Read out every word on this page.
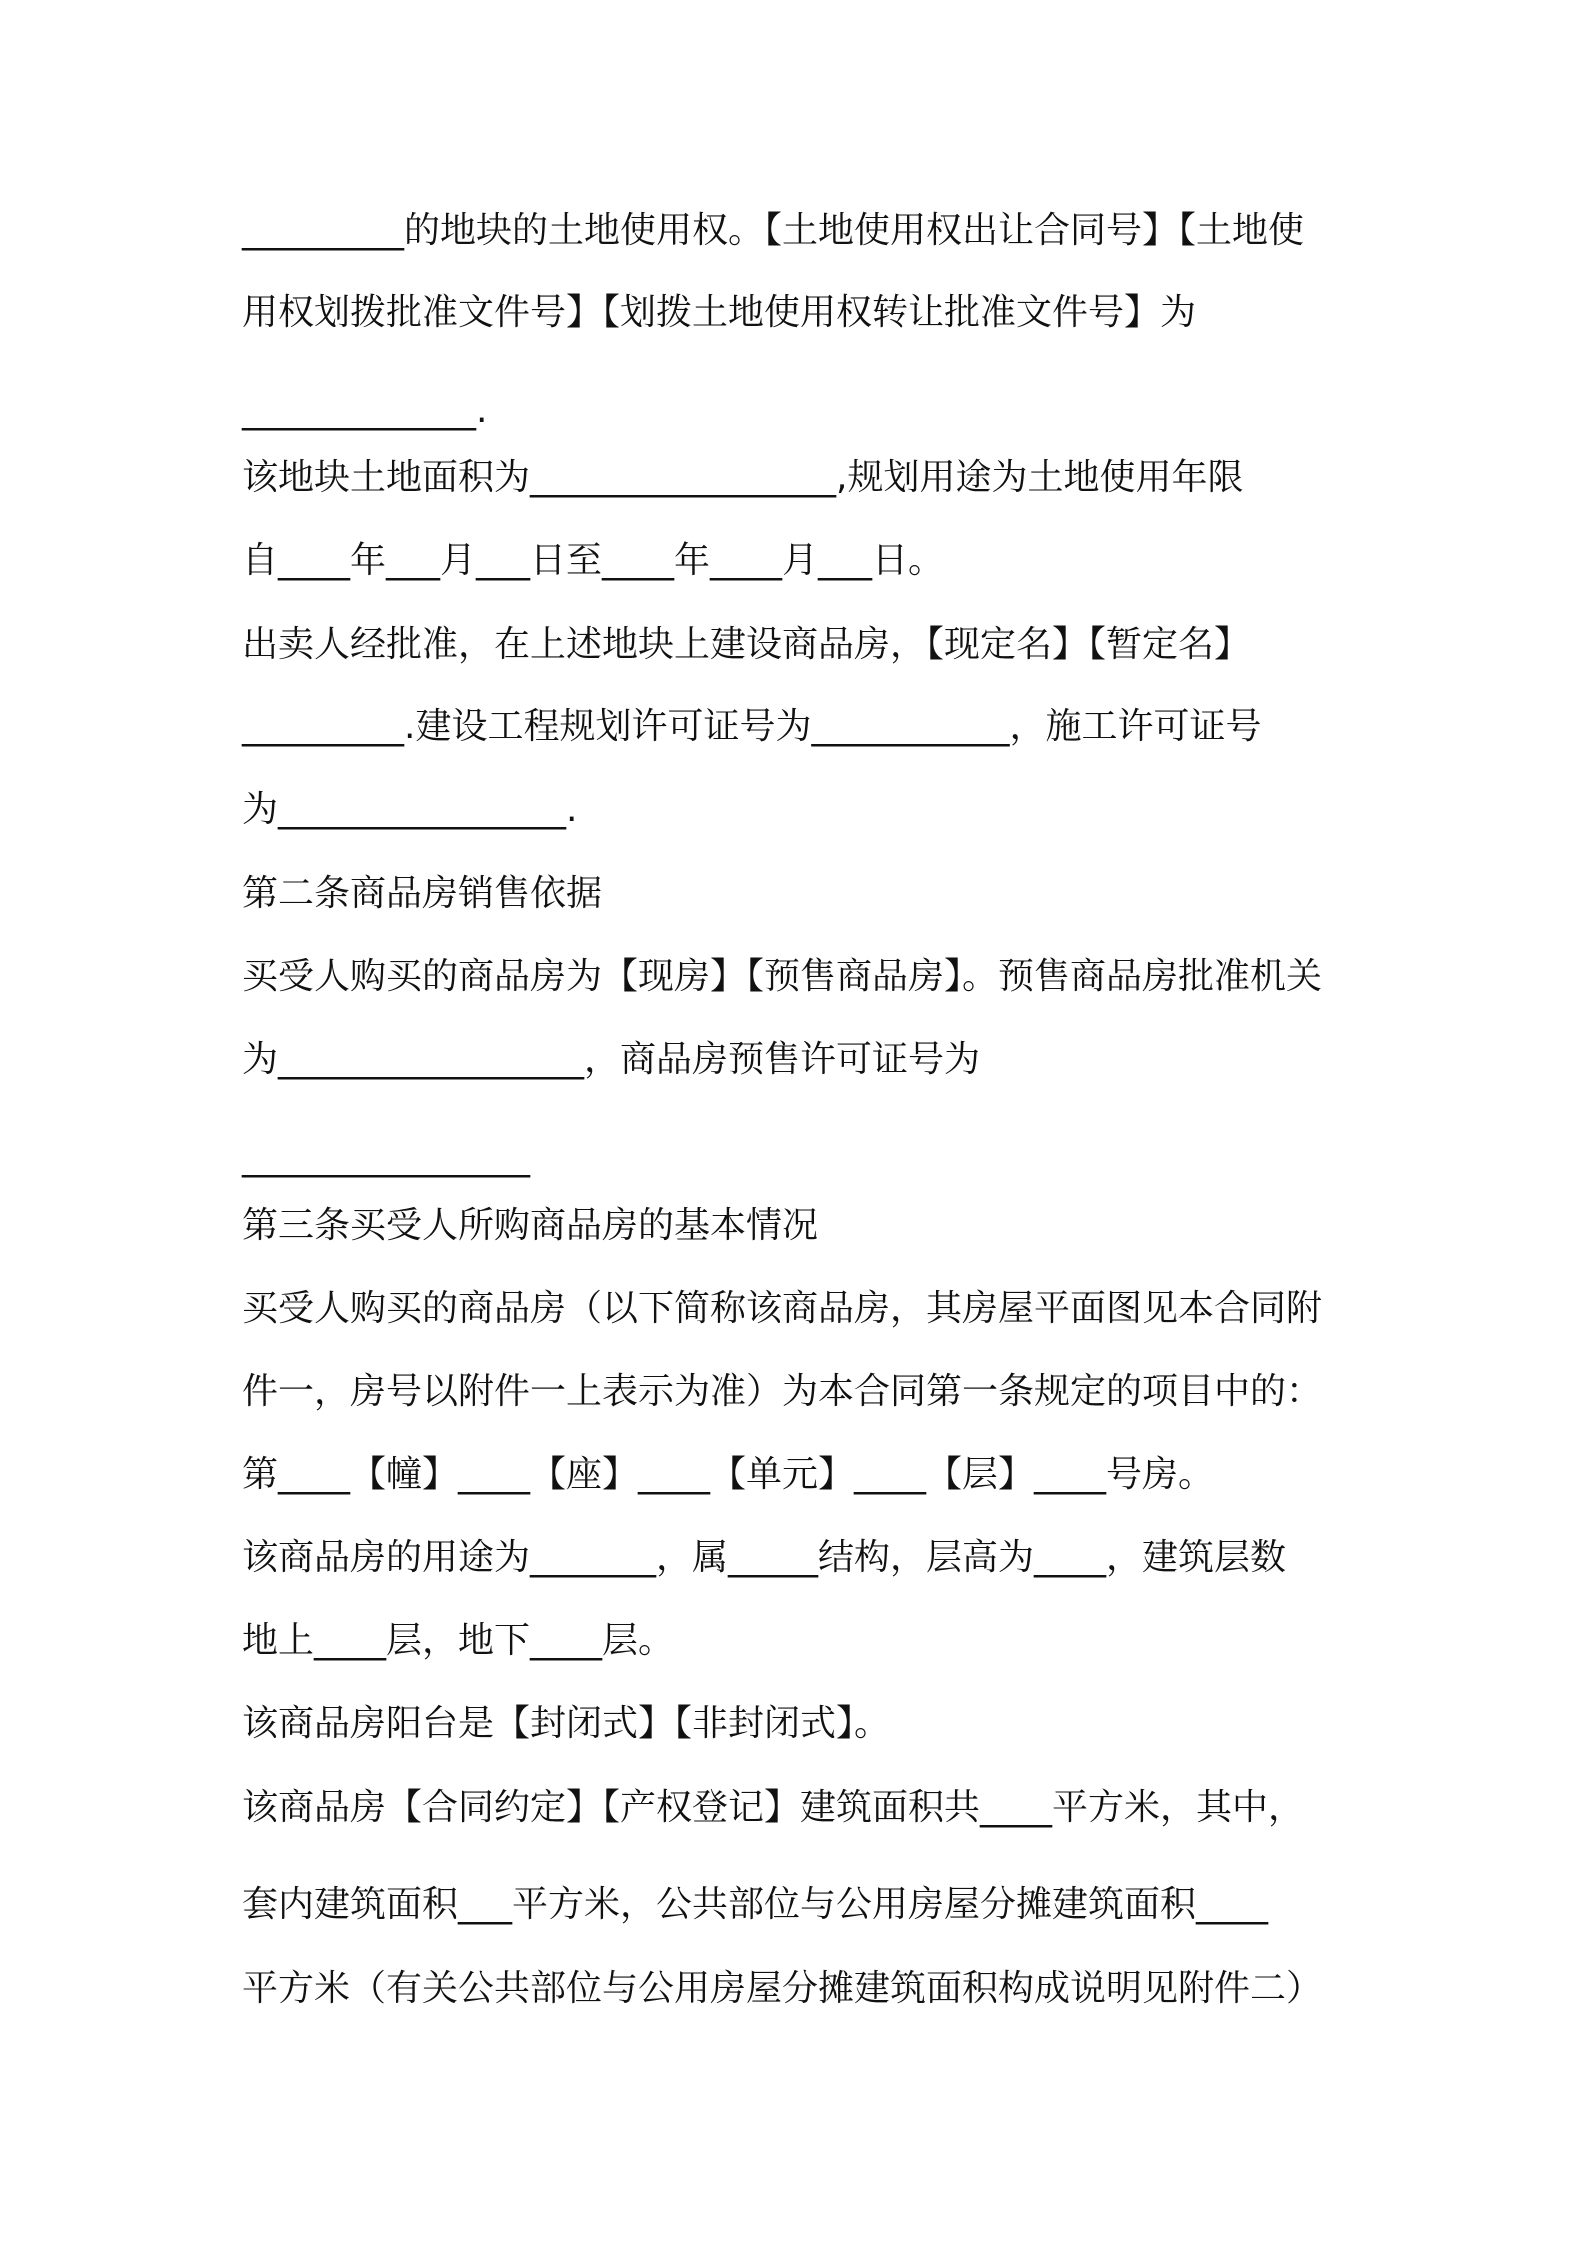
_________的地块的土地使用权。【土地使用权出让合同号】【土地使
用权划拨批准文件号】【划拨土地使用权转让批准文件号】为
_____________.
该地块土地面积为_________________,规划用途为土地使用年限
自____年___月___日至____年____月___日。
出卖人经批准，在上述地块上建设商品房，【现定名】【暂定名】
_________.建设工程规划许可证号为___________，施工许可证号
为________________.
第二条商品房销售依据
买受人购买的商品房为【现房】【预售商品房】。预售商品房批准机关
为_________________，商品房预售许可证号为
________________
第三条买受人所购商品房的基本情况
买受人购买的商品房（以下简称该商品房，其房屋平面图见本合同附
件一，房号以附件一上表示为准）为本合同第一条规定的项目中的：
第____【幢】____【座】____【单元】____【层】____号房。
该商品房的用途为_______，属_____结构，层高为____，建筑层数
地上____层，地下____层。
该商品房阳台是【封闭式】【非封闭式】。
该商品房【合同约定】【产权登记】建筑面积共____平方米，其中，
套内建筑面积___平方米，公共部位与公用房屋分摊建筑面积____
平方米（有关公共部位与公用房屋分摊建筑面积构成说明见附件二）
